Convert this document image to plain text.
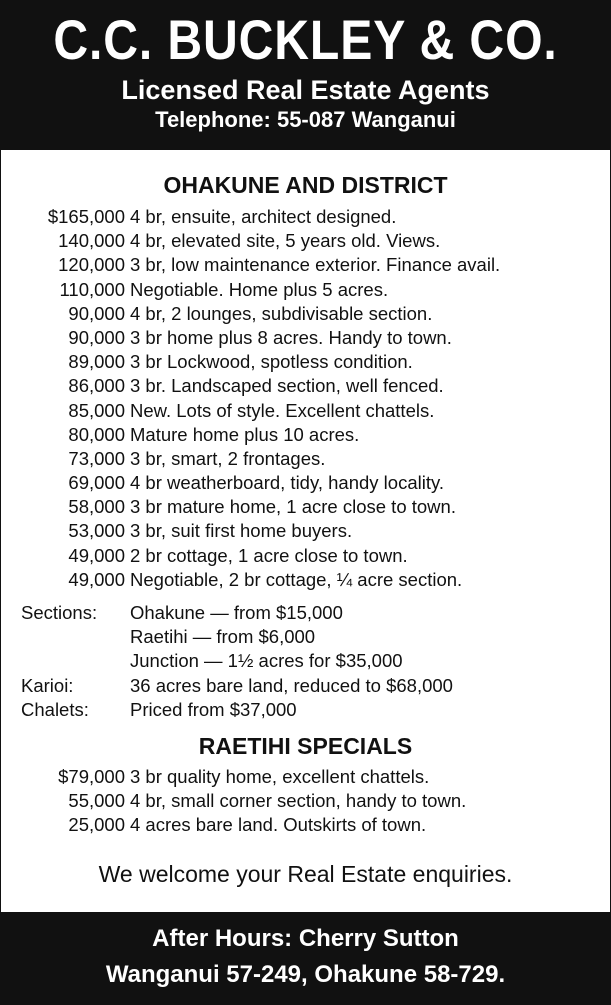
C.C. BUCKLEY & CO.
Licensed Real Estate Agents
Telephone: 55-087 Wanganui
OHAKUNE AND DISTRICT
$165,000 4 br, ensuite, architect designed.
140,000 4 br, elevated site, 5 years old. Views.
120,000 3 br, low maintenance exterior. Finance avail.
110,000 Negotiable. Home plus 5 acres.
90,000 4 br, 2 lounges, subdivisable section.
90,000 3 br home plus 8 acres. Handy to town.
89,000 3 br Lockwood, spotless condition.
86,000 3 br. Landscaped section, well fenced.
85,000 New. Lots of style. Excellent chattels.
80,000 Mature home plus 10 acres.
73,000 3 br, smart, 2 frontages.
69,000 4 br weatherboard, tidy, handy locality.
58,000 3 br mature home, 1 acre close to town.
53,000 3 br, suit first home buyers.
49,000 2 br cottage, 1 acre close to town.
49,000 Negotiable, 2 br cottage, ¼ acre section.
Sections: Ohakune — from $15,000
Raetihi — from $6,000
Junction — 1½ acres for $35,000
Karioi:	36 acres bare land, reduced to $68,000
Chalets: Priced from $37,000
RAETIHI SPECIALS
$79,000 3 br quality home, excellent chattels.
55,000 4 br, small corner section, handy to town.
25,000 4 acres bare land. Outskirts of town.
We welcome your Real Estate enquiries.
After Hours: Cherry Sutton
Wanganui 57-249, Ohakune 58-729.
